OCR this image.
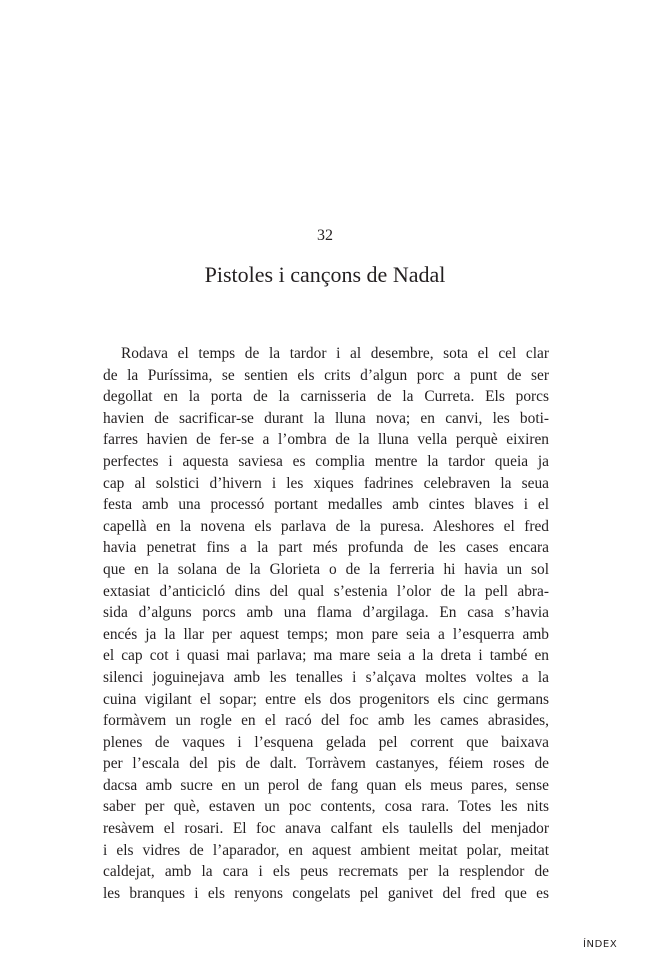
32
Pistoles i cançons de Nadal
Rodava el temps de la tardor i al desembre, sota el cel clar
de la Puríssima, se sentien els crits d’algun porc a punt de ser
degollat en la porta de la carnisseria de la Curreta. Els porcs
havien de sacrificar-se durant la lluna nova; en canvi, les boti-
farres havien de fer-se a l’ombra de la lluna vella perquè eixiren
perfectes i aquesta saviesa es complia mentre la tardor queia ja
cap al solstici d’hivern i les xiques fadrines celebraven la seua
festa amb una processó portant medalles amb cintes blaves i el
capellà en la novena els parlava de la puresa. Aleshores el fred
havia penetrat fins a la part més profunda de les cases encara
que en la solana de la Glorieta o de la ferreria hi havia un sol
extasiat d’anticicló dins del qual s’estenia l’olor de la pell abra-
sida d’alguns porcs amb una flama d’argilaga. En casa s’havia
encés ja la llar per aquest temps; mon pare seia a l’esquerra amb
el cap cot i quasi mai parlava; ma mare seia a la dreta i també en
silenci joguinejava amb les tenalles i s’alçava moltes voltes a la
cuina vigilant el sopar; entre els dos progenitors els cinc germans
formàvem un rogle en el racó del foc amb les cames abrasides,
plenes de vaques i l’esquena gelada pel corrent que baixava
per l’escala del pis de dalt. Torràvem castanyes, féiem roses de
dacsa amb sucre en un perol de fang quan els meus pares, sense
saber per què, estaven un poc contents, cosa rara. Totes les nits
resàvem el rosari. El foc anava calfant els taulells del menjador
i els vidres de l’aparador, en aquest ambient meitat polar, meitat
caldejat, amb la cara i els peus recremats per la resplendor de
les branques i els renyons congelats pel ganivet del fred que es
ÍNDEX
